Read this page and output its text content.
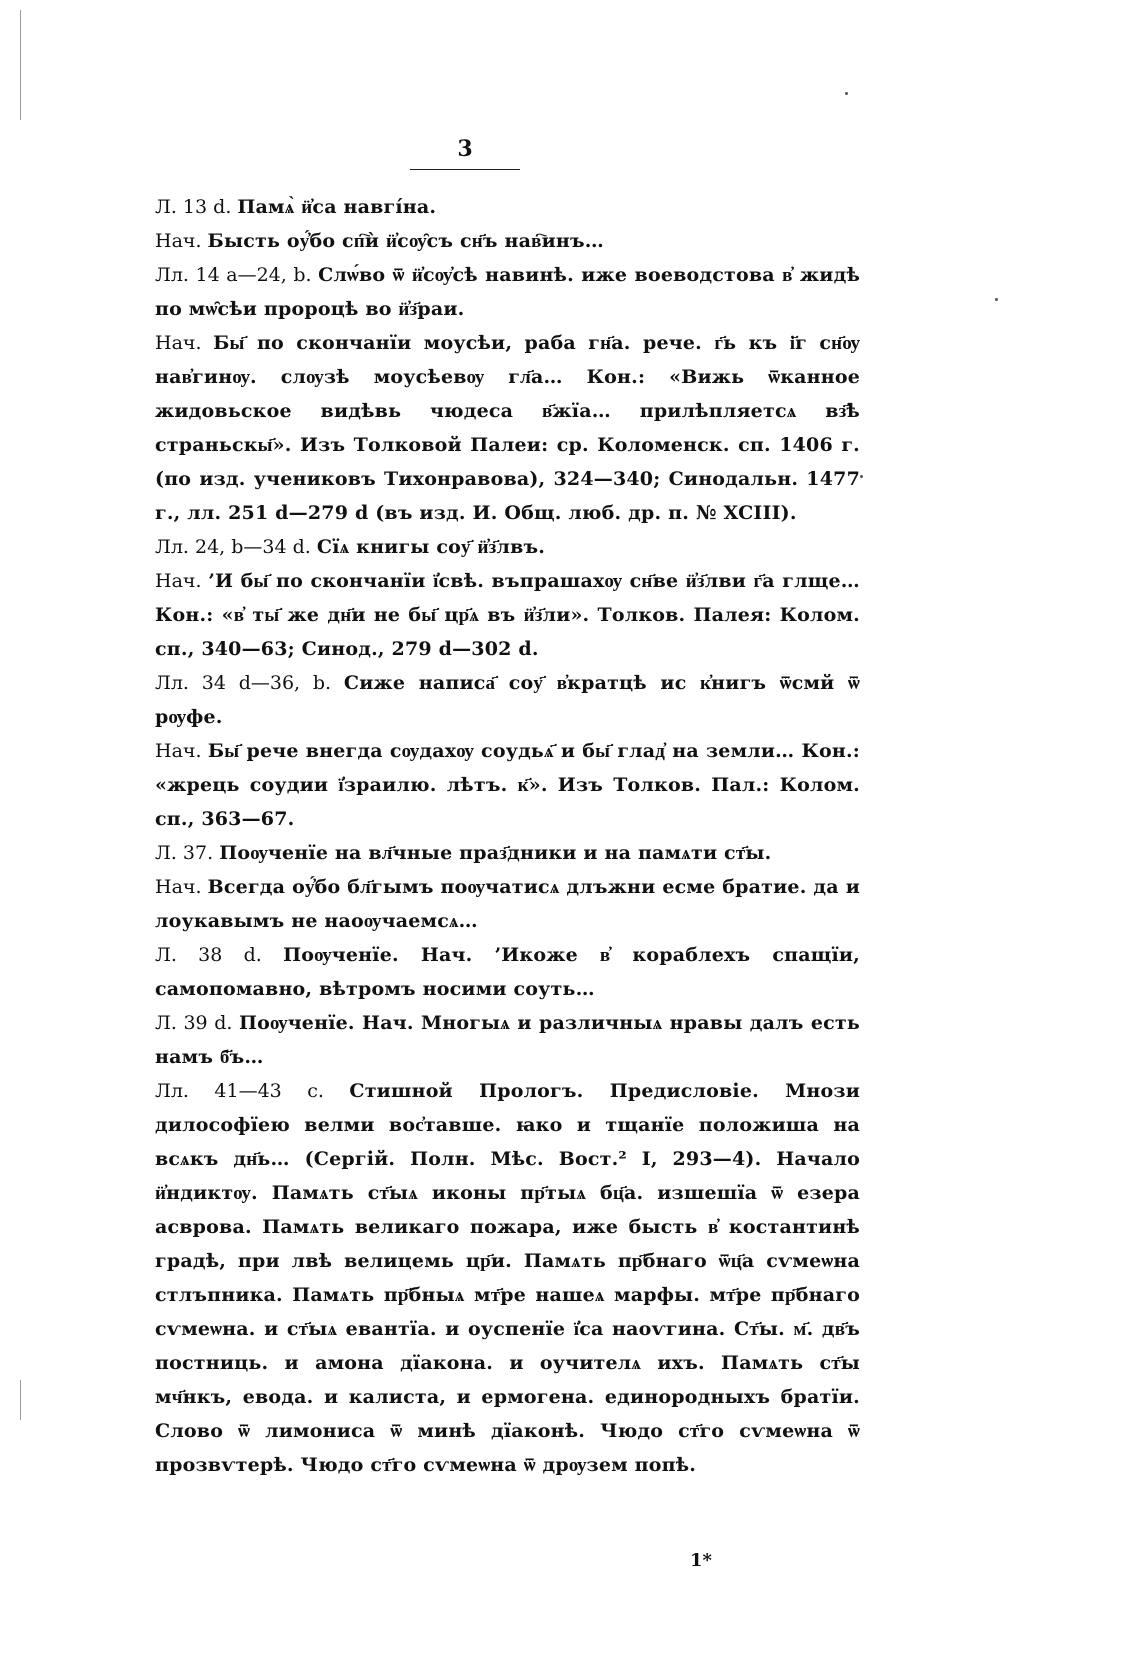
3

Л. 13 d. Памѧ̀ ӥ҆са навгі́на.

Нач. Бысть оу҆́бо сп҇ѝ ӥ҆сѹ̑съ сн҃ъ нав҇инъ…

Лл. 14 а—24, b. Слѡ́во ѿ ӥ҆сѹ҆сѣ навинѣ. иже воеводстова в҆ жидѣ по мѡ̑сѣи пророцѣ во ӥ҆з҃раи.

Нач. Бы҃ по скончанїи моусѣи, раба гн҃а. рече. г҃ь къ і҃г сн҃ѹ нав҆гинѹ. слѹзѣ моусѣевѹ гл҃а… Кон.: «Вижь ѿканное жидовьское видѣвь чюдеса в҃жїа… прилѣпляетсѧ вз҃ѣ страньскы҃». Изъ Толковой Палеи: ср. Коломенск. сп. 1406 г. (по изд. учениковъ Тихонравова), 324—340; Синодальн. 1477 г., лл. 251 d—279 d (въ изд. И. Общ. люб. др. п. № XCIII).

Лл. 24, b—34 d. Сїѧ книгы соу҃ ӥ҆з҃лвъ.

Нач. ’И бы҃ по скончанїи ї҆свѣ. въпрашахѹ сн҃ве ӥ҆з҃лви г҃а глще… Кон.: «в҆ ты҃ же дн҃и не бы҃ цр҃ѧ въ ӥ҆з҃ли». Толков. Палея: Колом. сп., 340—63; Синод., 279 d—302 d.

Лл. 34 d—36, b. Сиже написа҃ соу҃ в҆кратцѣ ис к҆нигъ ѿсмй ѿ рѹфе.

Нач. Бы҃ рече внегда сѹдахѹ соудьѧ҃ и бы҃ глад҆ на земли… Кон.: «жрець соудии ї҆зраилю. лѣтъ. к҃». Изъ Толков. Пал.: Колом. сп., 363—67.

Л. 37. Поѹченїе на вл҃чные праз҃дники и на памѧти ст҃ы.

Нач. Всегда оу҆́бо бл҃гымъ поѹчатисѧ длъжни есме братие. да и лоукавымъ не наоѹчаемсѧ…

Л. 38 d. Поѹченїе. Нач. ’Икоже в҆ кораблехъ спащїи, самопомавно, вѣтромъ носими соуть…

Л. 39 d. Поѹченїе. Нач. Многыѧ и различныѧ нравы далъ есть намъ б҃ъ…

Лл. 41—43 с. Стишной Прологъ. Предисловіе. Мнози дилософїею велми вос҆тавше. ꙗко и тщанїе положиша на всѧкъ дн҃ь… (Сергій. Полн. Мѣс. Вост.² I, 293—4). Начало ӥ҆ндиктѹ. Памѧть ст҃ыѧ иконы пр҃тыѧ бц҃а. изшешїа ѿ езера асврова. Памѧть великаго пожара, иже бысть в҆ костантинѣ градѣ, при лвѣ велицемь цр҃и. Памѧть пр҃бнаго ѿц҃а сѵмеѡна стлъпника. Памѧть пр҃бныѧ мт҃ре нашеѧ марфы. мт҃ре пр҃бнаго сѵмеѡна. и ст҃ыѧ евантїа. и оуспенїе ї҆са наоѵгина. Ст҃ы. м҃. дв҃ъ постниць. и амона дїакона. и оучителѧ ихъ. Памѧть ст҃ы мч҃нкъ, еводa. и калиста, и ермогена. единородныхъ братїи. Слово ѿ лимониса ѿ минѣ дїаконѣ. Чюдо ст҃го сѵмеѡна ѿ прозвѵтерѣ. Чюдо ст҃го сѵмеѡна ѿ дрѹзем попѣ.

1*
